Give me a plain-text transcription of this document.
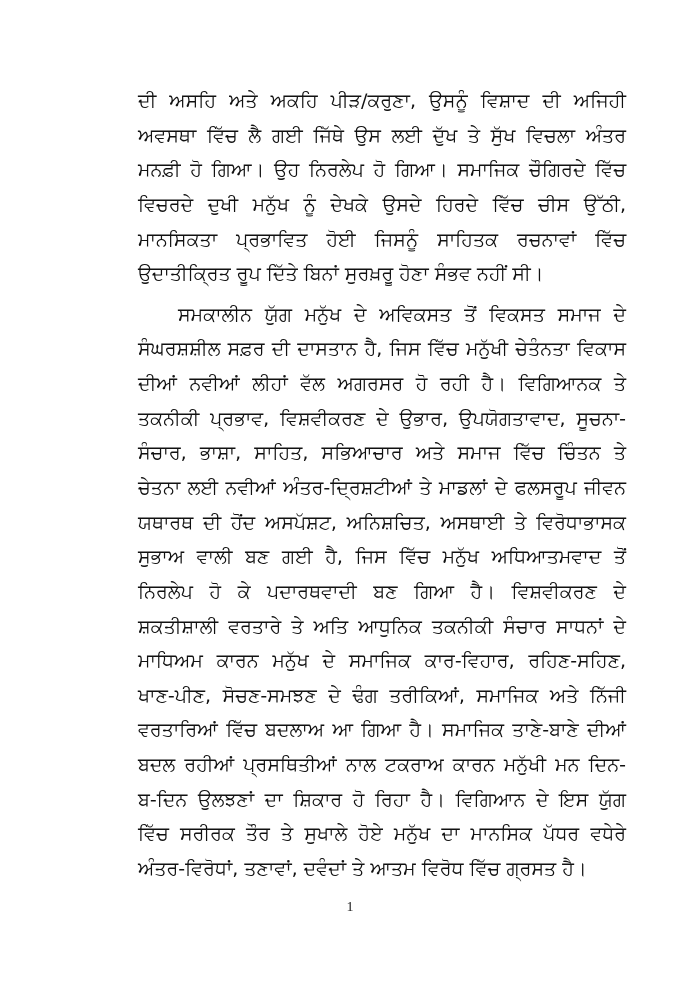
ਦੀ ਅਸਹਿ ਅਤੇ ਅਕਹਿ ਪੀੜ/ਕਰੁਣਾ, ਉਸਨੂੰ ਵਿਸ਼ਾਦ ਦੀ ਅਜਿਹੀ
ਅਵਸਥਾ ਵਿੱਚ ਲੈ ਗਈ ਜਿੱਥੇ ਉਸ ਲਈ ਦੁੱਖ ਤੇ ਸੁੱਖ ਵਿਚਲਾ ਅੰਤਰ
ਮਨਫ਼ੀ ਹੋ ਗਿਆ। ਉਹ ਨਿਰਲੇਪ ਹੋ ਗਿਆ। ਸਮਾਜਿਕ ਚੌਗਿਰਦੇ ਵਿੱਚ
ਵਿਚਰਦੇ ਦੁਖੀ ਮਨੁੱਖ ਨੂੰ ਦੇਖਕੇ ਉਸਦੇ ਹਿਰਦੇ ਵਿੱਚ ਚੀਸ ਉੱਠੀ,
ਮਾਨਸਿਕਤਾ ਪ੍ਰਭਾਵਿਤ ਹੋਈ ਜਿਸਨੂੰ ਸਾਹਿਤਕ ਰਚਨਾਵਾਂ ਵਿੱਚ
ਉਦਾਤੀਕ੍ਰਿਤ ਰੂਪ ਦਿੱਤੇ ਬਿਨਾਂ ਸੁਰਖ਼ਰੂ ਹੋਣਾ ਸੰਭਵ ਨਹੀਂ ਸੀ।
ਸਮਕਾਲੀਨ ਯੁੱਗ ਮਨੁੱਖ ਦੇ ਅਵਿਕਸਤ ਤੋਂ ਵਿਕਸਤ ਸਮਾਜ ਦੇ
ਸੰਘਰਸ਼ਸ਼ੀਲ ਸਫ਼ਰ ਦੀ ਦਾਸਤਾਨ ਹੈ, ਜਿਸ ਵਿੱਚ ਮਨੁੱਖੀ ਚੇਤੰਨਤਾ ਵਿਕਾਸ
ਦੀਆਂ ਨਵੀਆਂ ਲੀਹਾਂ ਵੱਲ ਅਗਰਸਰ ਹੋ ਰਹੀ ਹੈ। ਵਿਗਿਆਨਕ ਤੇ
ਤਕਨੀਕੀ ਪ੍ਰਭਾਵ, ਵਿਸ਼ਵੀਕਰਣ ਦੇ ਉਭਾਰ, ਉਪਯੋਗਤਾਵਾਦ, ਸੂਚਨਾ-
ਸੰਚਾਰ, ਭਾਸ਼ਾ, ਸਾਹਿਤ, ਸਭਿਆਚਾਰ ਅਤੇ ਸਮਾਜ ਵਿੱਚ ਚਿੰਤਨ ਤੇ
ਚੇਤਨਾ ਲਈ ਨਵੀਆਂ ਅੰਤਰ-ਦ੍ਰਿਸ਼ਟੀਆਂ ਤੇ ਮਾਡਲਾਂ ਦੇ ਫਲਸਰੂਪ ਜੀਵਨ
ਯਥਾਰਥ ਦੀ ਹੋਂਦ ਅਸਪੱਸ਼ਟ, ਅਨਿਸ਼ਚਿਤ, ਅਸਥਾਈ ਤੇ ਵਿਰੋਧਾਭਾਸਕ
ਸੁਭਾਅ ਵਾਲੀ ਬਣ ਗਈ ਹੈ, ਜਿਸ ਵਿੱਚ ਮਨੁੱਖ ਅਧਿਆਤਮਵਾਦ ਤੋਂ
ਨਿਰਲੇਪ ਹੋ ਕੇ ਪਦਾਰਥਵਾਦੀ ਬਣ ਗਿਆ ਹੈ। ਵਿਸ਼ਵੀਕਰਣ ਦੇ
ਸ਼ਕਤੀਸ਼ਾਲੀ ਵਰਤਾਰੇ ਤੇ ਅਤਿ ਆਧੁਨਿਕ ਤਕਨੀਕੀ ਸੰਚਾਰ ਸਾਧਨਾਂ ਦੇ
ਮਾਧਿਅਮ ਕਾਰਨ ਮਨੁੱਖ ਦੇ ਸਮਾਜਿਕ ਕਾਰ-ਵਿਹਾਰ, ਰਹਿਣ-ਸਹਿਣ,
ਖਾਣ-ਪੀਣ, ਸੋਚਣ-ਸਮਝਣ ਦੇ ਢੰਗ ਤਰੀਕਿਆਂ, ਸਮਾਜਿਕ ਅਤੇ ਨਿੱਜੀ
ਵਰਤਾਰਿਆਂ ਵਿੱਚ ਬਦਲਾਅ ਆ ਗਿਆ ਹੈ। ਸਮਾਜਿਕ ਤਾਣੇ-ਬਾਣੇ ਦੀਆਂ
ਬਦਲ ਰਹੀਆਂ ਪ੍ਰਸਥਿਤੀਆਂ ਨਾਲ ਟਕਰਾਅ ਕਾਰਨ ਮਨੁੱਖੀ ਮਨ ਦਿਨ-
ਬ-ਦਿਨ ਉਲਝਣਾਂ ਦਾ ਸ਼ਿਕਾਰ ਹੋ ਰਿਹਾ ਹੈ। ਵਿਗਿਆਨ ਦੇ ਇਸ ਯੁੱਗ
ਵਿੱਚ ਸਰੀਰਕ ਤੌਰ ਤੇ ਸੁਖਾਲੇ ਹੋਏ ਮਨੁੱਖ ਦਾ ਮਾਨਸਿਕ ਪੱਧਰ ਵਧੇਰੇ
ਅੰਤਰ-ਵਿਰੋਧਾਂ, ਤਣਾਵਾਂ, ਦਵੰਦਾਂ ਤੇ ਆਤਮ ਵਿਰੋਧ ਵਿੱਚ ਗ੍ਰਸਤ ਹੈ।
1
